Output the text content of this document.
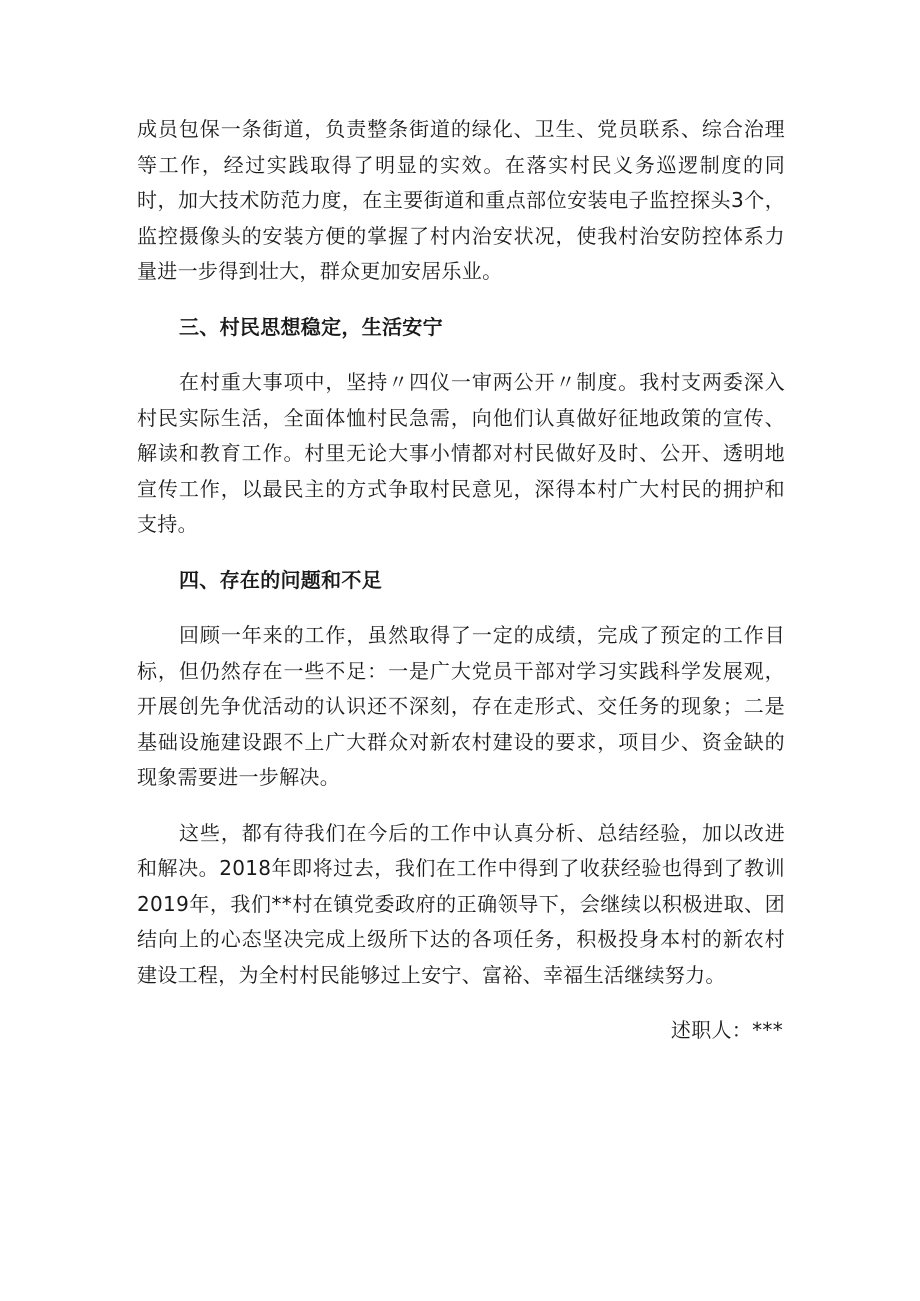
成员包保一条街道，负责整条街道的绿化、卫生、党员联系、综合治理等工作，经过实践取得了明显的实效。在落实村民义务巡逻制度的同时，加大技术防范力度，在主要街道和重点部位安装电子监控探头3个，监控摄像头的安装方便的掌握了村内治安状况，使我村治安防控体系力量进一步得到壮大，群众更加安居乐业。

三、村民思想稳定，生活安宁

在村重大事项中，坚持〃四仪一审两公开〃制度。我村支两委深入村民实际生活，全面体恤村民急需，向他们认真做好征地政策的宣传、解读和教育工作。村里无论大事小情都对村民做好及时、公开、透明地宣传工作，以最民主的方式争取村民意见，深得本村广大村民的拥护和支持。

四、存在的问题和不足

回顾一年来的工作，虽然取得了一定的成绩，完成了预定的工作目标，但仍然存在一些不足：一是广大党员干部对学习实践科学发展观，开展创先争优活动的认识还不深刻，存在走形式、交任务的现象；二是基础设施建设跟不上广大群众对新农村建设的要求，项目少、资金缺的现象需要进一步解决。

这些，都有待我们在今后的工作中认真分析、总结经验，加以改进和解决。2018年即将过去，我们在工作中得到了收获经验也得到了教训2019年，我们**村在镇党委政府的正确领导下，会继续以积极进取、团结向上的心态坚决完成上级所下达的各项任务，积极投身本村的新农村建设工程，为全村村民能够过上安宁、富裕、幸福生活继续努力。

述职人：***
